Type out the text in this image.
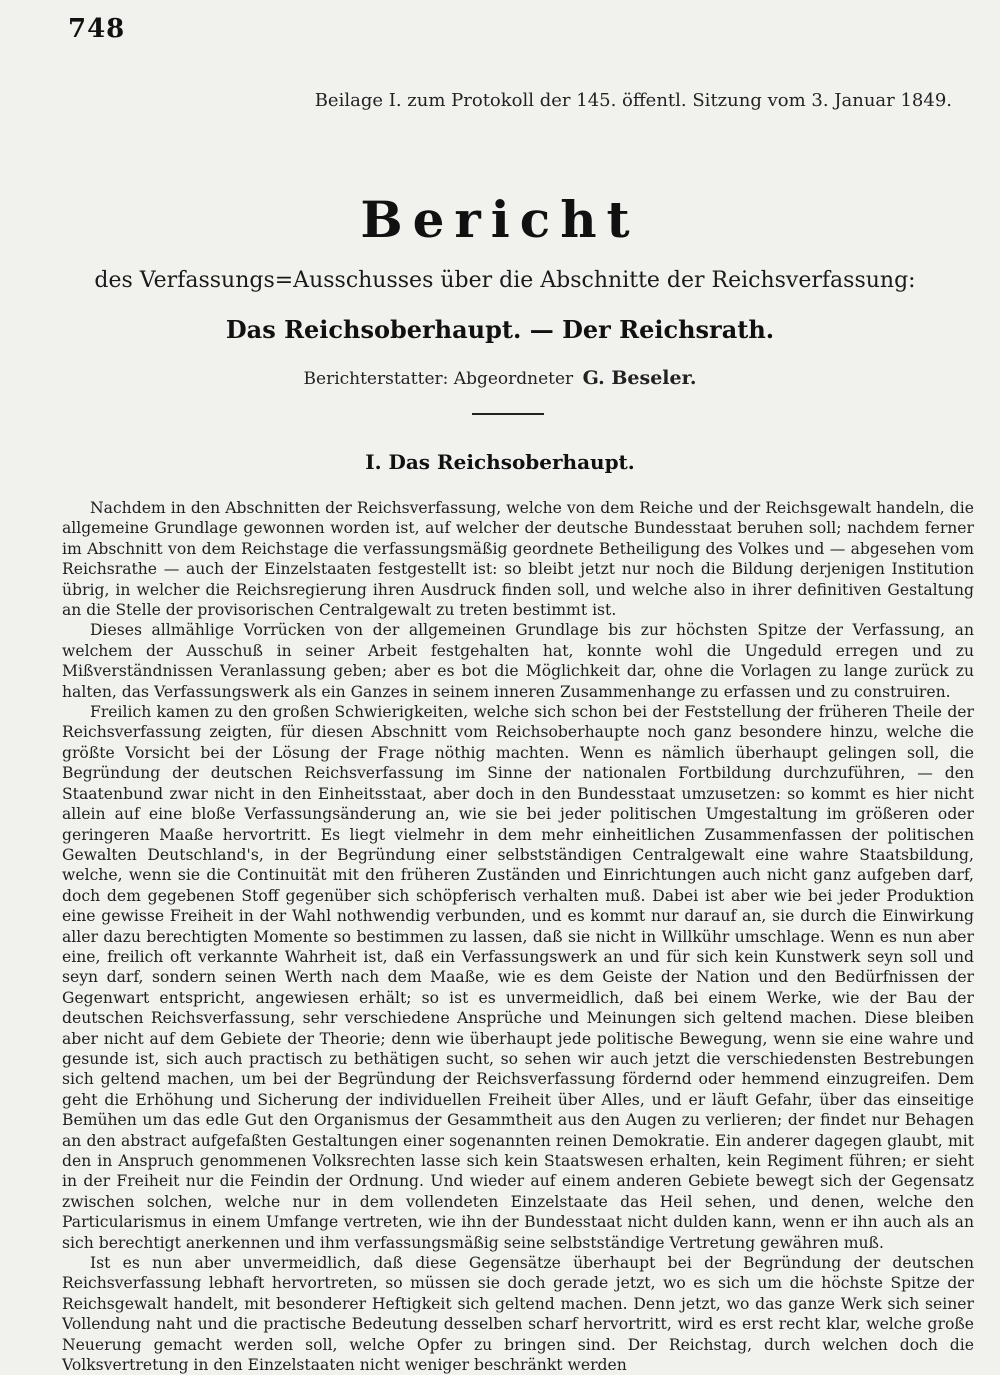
748
Beilage I. zum Protokoll der 145. öffentl. Sitzung vom 3. Januar 1849.
Bericht
des Verfassungs=Ausschusses über die Abschnitte der Reichsverfassung:
Das Reichsoberhaupt. — Der Reichsrath.
Berichterstatter: Abgeordneter G. Beseler.
I. Das Reichsoberhaupt.

Nachdem in den Abschnitten der Reichsverfassung, welche von dem Reiche und der Reichsgewalt handeln, die allgemeine Grundlage gewonnen worden ist, auf welcher der deutsche Bundesstaat beruhen soll; nachdem ferner im Abschnitt von dem Reichstage die verfassungsmäßig geordnete Betheiligung des Volkes und — abgesehen vom Reichsrathe — auch der Einzelstaaten festgestellt ist: so bleibt jetzt nur noch die Bildung derjenigen Institution übrig, in welcher die Reichsregierung ihren Ausdruck finden soll, und welche also in ihrer definitiven Gestaltung an die Stelle der provisorischen Centralgewalt zu treten bestimmt ist.

Dieses allmählige Vorrücken von der allgemeinen Grundlage bis zur höchsten Spitze der Verfassung, an welchem der Ausschuß in seiner Arbeit festgehalten hat, konnte wohl die Ungeduld erregen und zu Mißverständnissen Veranlassung geben; aber es bot die Möglichkeit dar, ohne die Vorlagen zu lange zurück zu halten, das Verfassungswerk als ein Ganzes in seinem inneren Zusammenhange zu erfassen und zu construiren.

Freilich kamen zu den großen Schwierigkeiten, welche sich schon bei der Feststellung der früheren Theile der Reichsverfassung zeigten, für diesen Abschnitt vom Reichsoberhaupte noch ganz besondere hinzu, welche die größte Vorsicht bei der Lösung der Frage nöthig machten. Wenn es nämlich überhaupt gelingen soll, die Begründung der deutschen Reichsverfassung im Sinne der nationalen Fortbildung durchzuführen, — den Staatenbund zwar nicht in den Einheitsstaat, aber doch in den Bundesstaat umzusetzen: so kommt es hier nicht allein auf eine bloße Verfassungsänderung an, wie sie bei jeder politischen Umgestaltung im größeren oder geringeren Maaße hervortritt. Es liegt vielmehr in dem mehr einheitlichen Zusammenfassen der politischen Gewalten Deutschland's, in der Begründung einer selbstständigen Centralgewalt eine wahre Staatsbildung, welche, wenn sie die Continuität mit den früheren Zuständen und Einrichtungen auch nicht ganz aufgeben darf, doch dem gegebenen Stoff gegenüber sich schöpferisch verhalten muß. Dabei ist aber wie bei jeder Produktion eine gewisse Freiheit in der Wahl nothwendig verbunden, und es kommt nur darauf an, sie durch die Einwirkung aller dazu berechtigten Momente so bestimmen zu lassen, daß sie nicht in Willkühr umschlage. Wenn es nun aber eine, freilich oft verkannte Wahrheit ist, daß ein Verfassungswerk an und für sich kein Kunstwerk seyn soll und seyn darf, sondern seinen Werth nach dem Maaße, wie es dem Geiste der Nation und den Bedürfnissen der Gegenwart entspricht, angewiesen erhält; so ist es unvermeidlich, daß bei einem Werke, wie der Bau der deutschen Reichsverfassung, sehr verschiedene Ansprüche und Meinungen sich geltend machen. Diese bleiben aber nicht auf dem Gebiete der Theorie; denn wie überhaupt jede politische Bewegung, wenn sie eine wahre und gesunde ist, sich auch practisch zu bethätigen sucht, so sehen wir auch jetzt die verschiedensten Bestrebungen sich geltend machen, um bei der Begründung der Reichsverfassung fördernd oder hemmend einzugreifen. Dem geht die Erhöhung und Sicherung der individuellen Freiheit über Alles, und er läuft Gefahr, über das einseitige Bemühen um das edle Gut den Organismus der Gesammtheit aus den Augen zu verlieren; der findet nur Behagen an den abstract aufgefaßten Gestaltungen einer sogenannten reinen Demokratie. Ein anderer dagegen glaubt, mit den in Anspruch genommenen Volksrechten lasse sich kein Staatswesen erhalten, kein Regiment führen; er sieht in der Freiheit nur die Feindin der Ordnung. Und wieder auf einem anderen Gebiete bewegt sich der Gegensatz zwischen solchen, welche nur in dem vollendeten Einzelstaate das Heil sehen, und denen, welche den Particularismus in einem Umfange vertreten, wie ihn der Bundesstaat nicht dulden kann, wenn er ihn auch als an sich berechtigt anerkennen und ihm verfassungsmäßig seine selbstständige Vertretung gewähren muß.

Ist es nun aber unvermeidlich, daß diese Gegensätze überhaupt bei der Begründung der deutschen Reichsverfassung lebhaft hervortreten, so müssen sie doch gerade jetzt, wo es sich um die höchste Spitze der Reichsgewalt handelt, mit besonderer Heftigkeit sich geltend machen. Denn jetzt, wo das ganze Werk sich seiner Vollendung naht und die practische Bedeutung desselben scharf hervortritt, wird es erst recht klar, welche große Neuerung gemacht werden soll, welche Opfer zu bringen sind. Der Reichstag, durch welchen doch die Volksvertretung in den Einzelstaaten nicht weniger beschränkt werden
